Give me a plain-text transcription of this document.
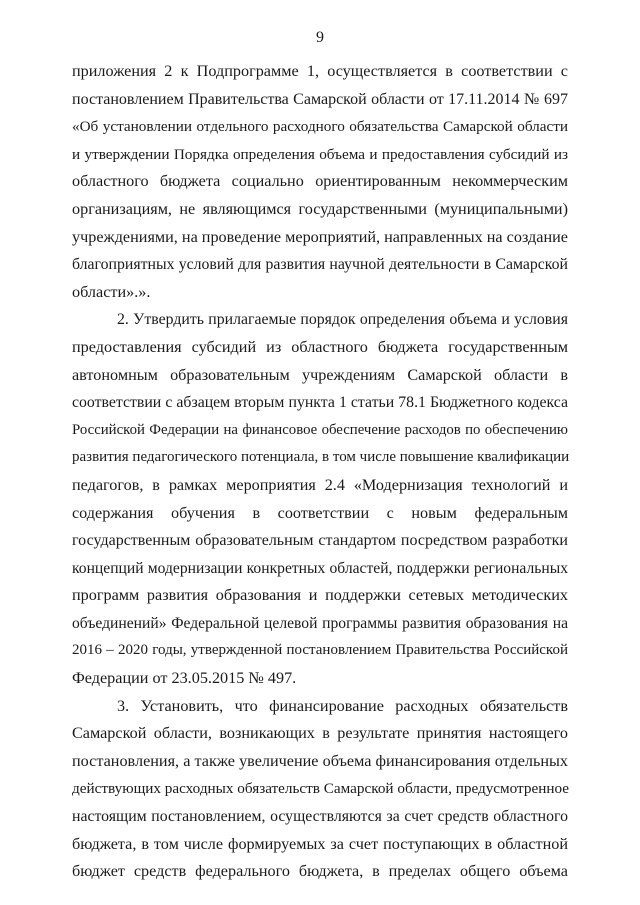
9
приложения 2 к Подпрограмме 1, осуществляется в соответствии с
постановлением Правительства Самарской области от 17.11.2014 № 697
«Об установлении отдельного расходного обязательства Самарской области
и утверждении Порядка определения объема и предоставления субсидий из
областного бюджета социально ориентированным некоммерческим
организациям, не являющимся государственными (муниципальными)
учреждениями, на проведение мероприятий, направленных на создание
благоприятных условий для развития научной деятельности в Самарской
области».».
2. Утвердить прилагаемые порядок определения объема и условия
предоставления субсидий из областного бюджета государственным
автономным образовательным учреждениям Самарской области в
соответствии с абзацем вторым пункта 1 статьи 78.1 Бюджетного кодекса
Российской Федерации на финансовое обеспечение расходов по обеспечению
развития педагогического потенциала, в том числе повышение квалификации
педагогов, в рамках мероприятия 2.4 «Модернизация технологий и
содержания обучения в соответствии с новым федеральным
государственным образовательным стандартом посредством разработки
концепций модернизации конкретных областей, поддержки региональных
программ развития образования и поддержки сетевых методических
объединений» Федеральной целевой программы развития образования на
2016 – 2020 годы, утвержденной постановлением Правительства Российской
Федерации от 23.05.2015 № 497.
3. Установить, что финансирование расходных обязательств
Самарской области, возникающих в результате принятия настоящего
постановления, а также увеличение объема финансирования отдельных
действующих расходных обязательств Самарской области, предусмотренное
настоящим постановлением, осуществляются за счет средств областного
бюджета, в том числе формируемых за счет поступающих в областной
бюджет средств федерального бюджета, в пределах общего объема
